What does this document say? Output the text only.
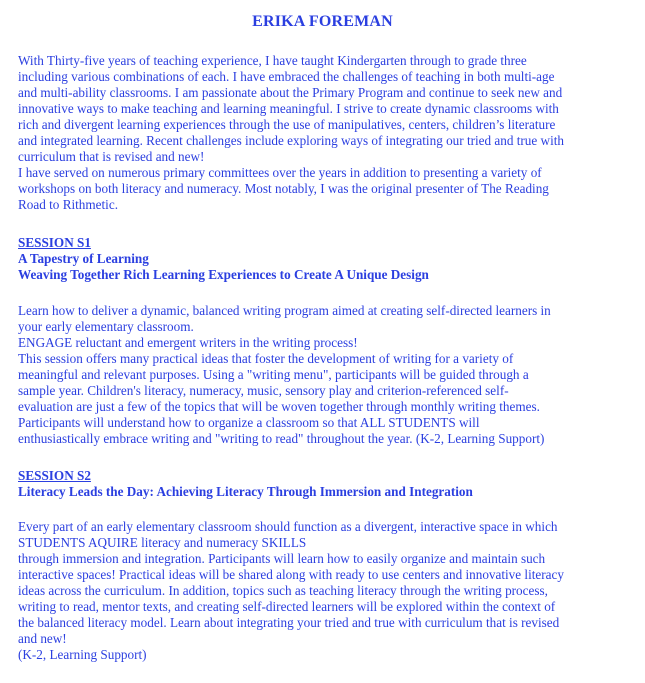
ERIKA FOREMAN
With Thirty-five years of teaching experience, I have taught Kindergarten through to grade three
including various combinations of each. I have embraced the challenges of teaching in both multi-age
and multi-ability classrooms. I am passionate about the Primary Program and continue to seek new and
innovative ways to make teaching and learning meaningful. I strive to create dynamic classrooms with
rich and divergent learning experiences through the use of manipulatives, centers, children’s literature
and integrated learning. Recent challenges include exploring ways of integrating our tried and true with
curriculum that is revised and new!
I have served on numerous primary committees over the years in addition to presenting a variety of
workshops on both literacy and numeracy. Most notably, I was the original presenter of The Reading
Road to Rithmetic.
SESSION S1
A Tapestry of Learning
Weaving Together Rich Learning Experiences to Create A Unique Design
Learn how to deliver a dynamic, balanced writing program aimed at creating self-directed learners in
your early elementary classroom.
ENGAGE reluctant and emergent writers in the writing process!
This session offers many practical ideas that foster the development of writing for a variety of
meaningful and relevant purposes. Using a "writing menu", participants will be guided through a
sample year. Children's literacy, numeracy, music, sensory play and criterion-referenced self-
evaluation are just a few of the topics that will be woven together through monthly writing themes.
Participants will understand how to organize a classroom so that ALL STUDENTS will
enthusiastically embrace writing and "writing to read" throughout the year. (K-2, Learning Support)
SESSION S2
Literacy Leads the Day: Achieving Literacy Through Immersion and Integration
Every part of an early elementary classroom should function as a divergent, interactive space in which
STUDENTS AQUIRE literacy and numeracy SKILLS
through immersion and integration. Participants will learn how to easily organize and maintain such
interactive spaces! Practical ideas will be shared along with ready to use centers and innovative literacy
ideas across the curriculum. In addition, topics such as teaching literacy through the writing process,
writing to read, mentor texts, and creating self-directed learners will be explored within the context of
the balanced literacy model. Learn about integrating your tried and true with curriculum that is revised
and new!
(K-2, Learning Support)
